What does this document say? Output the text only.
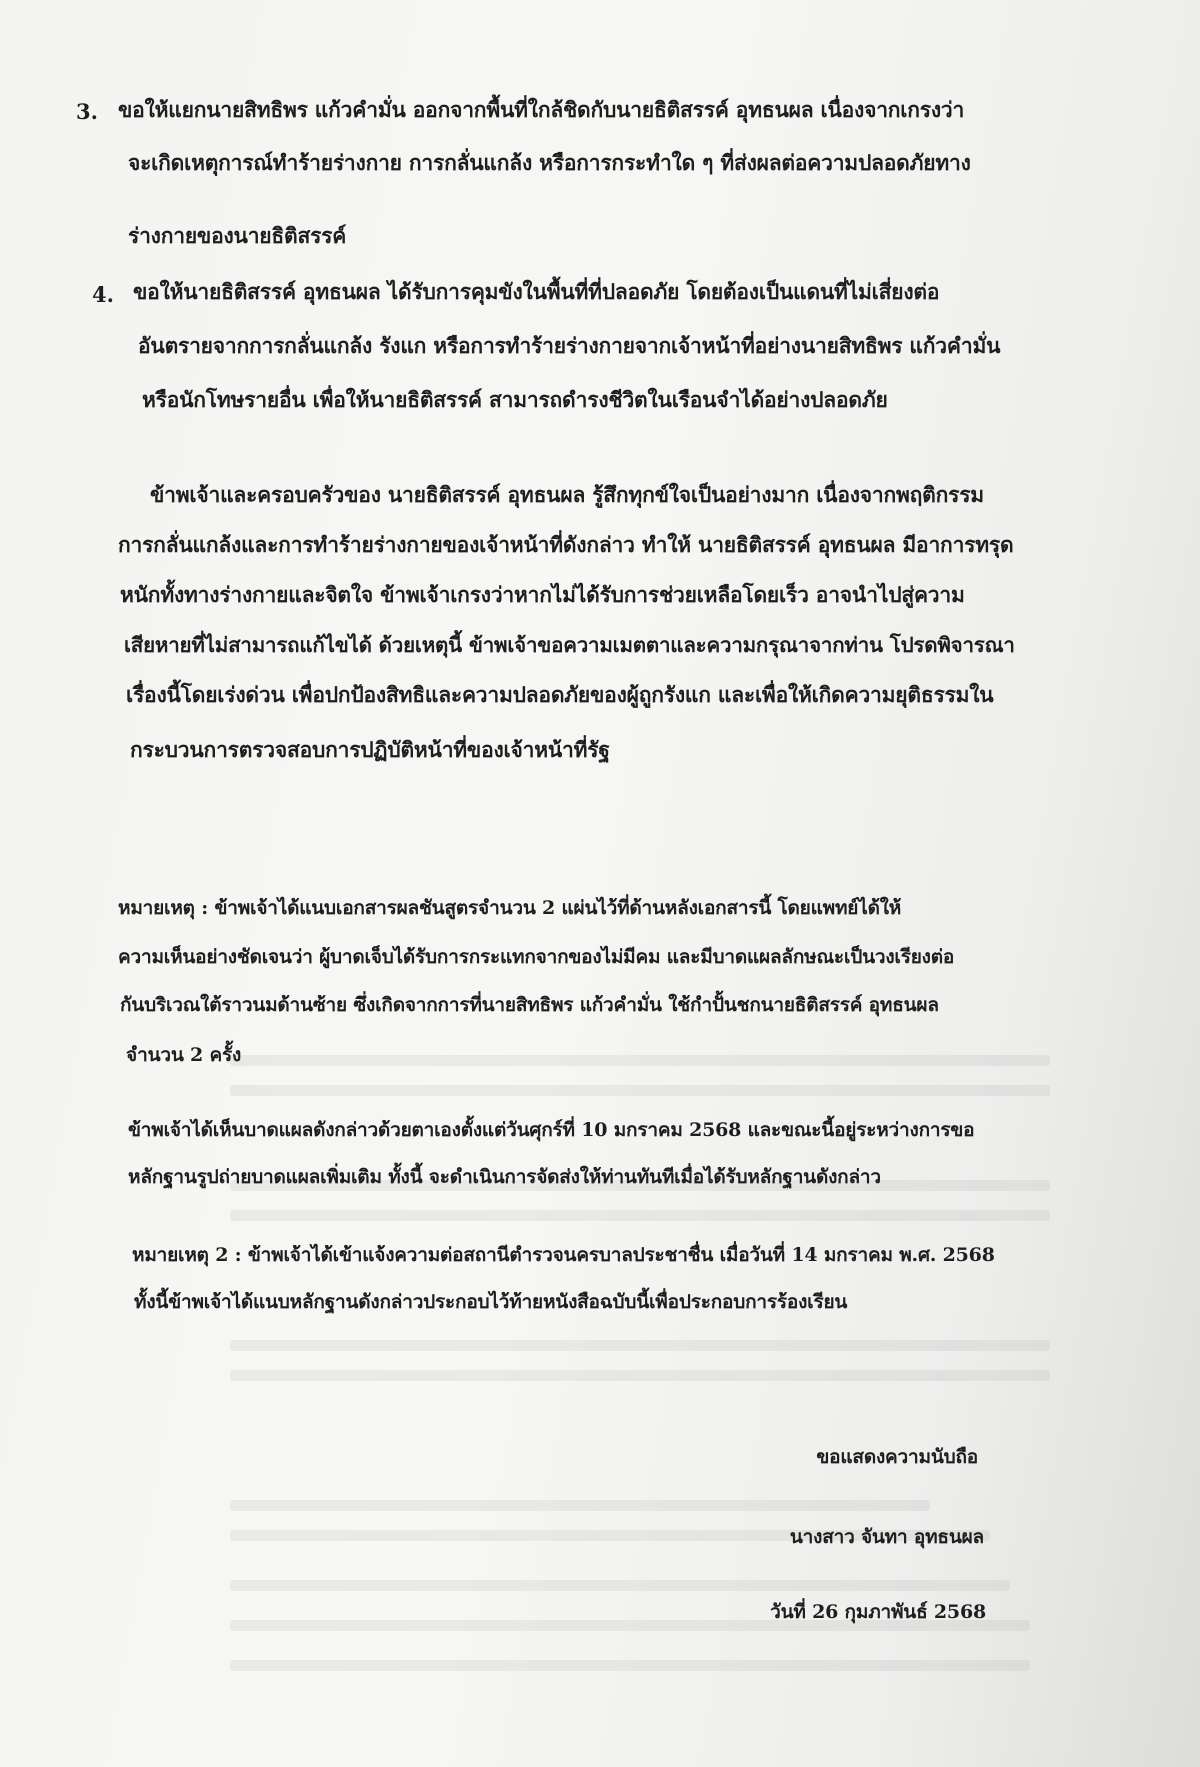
3. ขอให้แยกนายสิทธิพร แก้วคำมั่น ออกจากพื้นที่ใกล้ชิดกับนายธิติสรรค์ อุทธนผล เนื่องจากเกรงว่า
จะเกิดเหตุการณ์ทำร้ายร่างกาย การกลั่นแกล้ง หรือการกระทำใด ๆ ที่ส่งผลต่อความปลอดภัยทาง
ร่างกายของนายธิติสรรค์
4. ขอให้นายธิติสรรค์ อุทธนผล ได้รับการคุมขังในพื้นที่ที่ปลอดภัย โดยต้องเป็นแดนที่ไม่เสี่ยงต่อ
อันตรายจากการกลั่นแกล้ง รังแก หรือการทำร้ายร่างกายจากเจ้าหน้าที่อย่างนายสิทธิพร แก้วคำมั่น
หรือนักโทษรายอื่น เพื่อให้นายธิติสรรค์ สามารถดำรงชีวิตในเรือนจำได้อย่างปลอดภัย
ข้าพเจ้าและครอบครัวของ นายธิติสรรค์ อุทธนผล รู้สึกทุกข์ใจเป็นอย่างมาก เนื่องจากพฤติกรรม
การกลั่นแกล้งและการทำร้ายร่างกายของเจ้าหน้าที่ดังกล่าว ทำให้ นายธิติสรรค์ อุทธนผล มีอาการทรุด
หนักทั้งทางร่างกายและจิตใจ ข้าพเจ้าเกรงว่าหากไม่ได้รับการช่วยเหลือโดยเร็ว อาจนำไปสู่ความ
เสียหายที่ไม่สามารถแก้ไขได้ ด้วยเหตุนี้ ข้าพเจ้าขอความเมตตาและความกรุณาจากท่าน โปรดพิจารณา
เรื่องนี้โดยเร่งด่วน เพื่อปกป้องสิทธิและความปลอดภัยของผู้ถูกรังแก และเพื่อให้เกิดความยุติธรรมใน
กระบวนการตรวจสอบการปฏิบัติหน้าที่ของเจ้าหน้าที่รัฐ
หมายเหตุ : ข้าพเจ้าได้แนบเอกสารผลชันสูตรจำนวน 2 แผ่นไว้ที่ด้านหลังเอกสารนี้ โดยแพทย์ได้ให้
ความเห็นอย่างชัดเจนว่า ผู้บาดเจ็บได้รับการกระแทกจากของไม่มีคม และมีบาดแผลลักษณะเป็นวงเรียงต่อ
กันบริเวณใต้ราวนมด้านซ้าย ซึ่งเกิดจากการที่นายสิทธิพร แก้วคำมั่น ใช้กำปั้นชกนายธิติสรรค์ อุทธนผล
จำนวน 2 ครั้ง
ข้าพเจ้าได้เห็นบาดแผลดังกล่าวด้วยตาเองตั้งแต่วันศุกร์ที่ 10 มกราคม 2568 และขณะนี้อยู่ระหว่างการขอ
หลักฐานรูปถ่ายบาดแผลเพิ่มเติม ทั้งนี้ จะดำเนินการจัดส่งให้ท่านทันทีเมื่อได้รับหลักฐานดังกล่าว
หมายเหตุ 2 : ข้าพเจ้าได้เข้าแจ้งความต่อสถานีตำรวจนครบาลประชาชื่น เมื่อวันที่ 14 มกราคม พ.ศ. 2568
ทั้งนี้ข้าพเจ้าได้แนบหลักฐานดังกล่าวประกอบไว้ท้ายหนังสือฉบับนี้เพื่อประกอบการร้องเรียน
ขอแสดงความนับถือ
นางสาว จันทา อุทธนผล
วันที่ 26 กุมภาพันธ์ 2568
